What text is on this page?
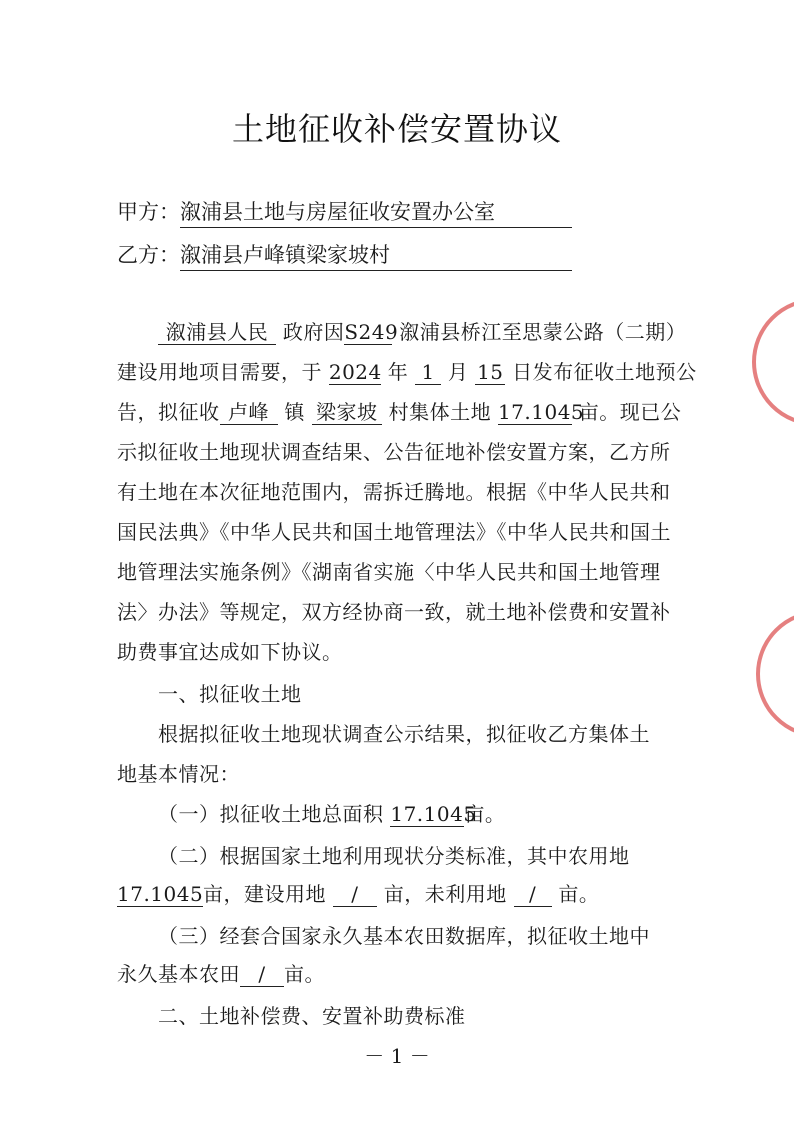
土地征收补偿安置协议
甲方：溆浦县土地与房屋征收安置办公室
乙方：溆浦县卢峰镇梁家坡村
溆浦县人民 政府因S249 溆浦县桥江至思蒙公路（二期）
建设用地项目需要，于 2024 年 1 月 15 日发布征收土地预公
告，拟征收 卢峰 镇 梁家坡 村集体土地 17.1045 亩。现已公
示拟征收土地现状调查结果、公告征地补偿安置方案，乙方所
有土地在本次征地范围内，需拆迁腾地。根据《中华人民共和
国民法典》《中华人民共和国土地管理法》《中华人民共和国土
地管理法实施条例》《湖南省实施〈中华人民共和国土地管理
法〉办法》等规定，双方经协商一致，就土地补偿费和安置补
助费事宜达成如下协议。
一、拟征收土地
根据拟征收土地现状调查公示结果，拟征收乙方集体土
地基本情况：
（一）拟征收土地总面积 17.1045亩。
（二）根据国家土地利用现状分类标准，其中农用地
17.1045亩，建设用地 / 亩，未利用地 / 亩。
（三）经套合国家永久基本农田数据库，拟征收土地中
永久基本农田 / 亩。
二、土地补偿费、安置补助费标准
－ 1 －
